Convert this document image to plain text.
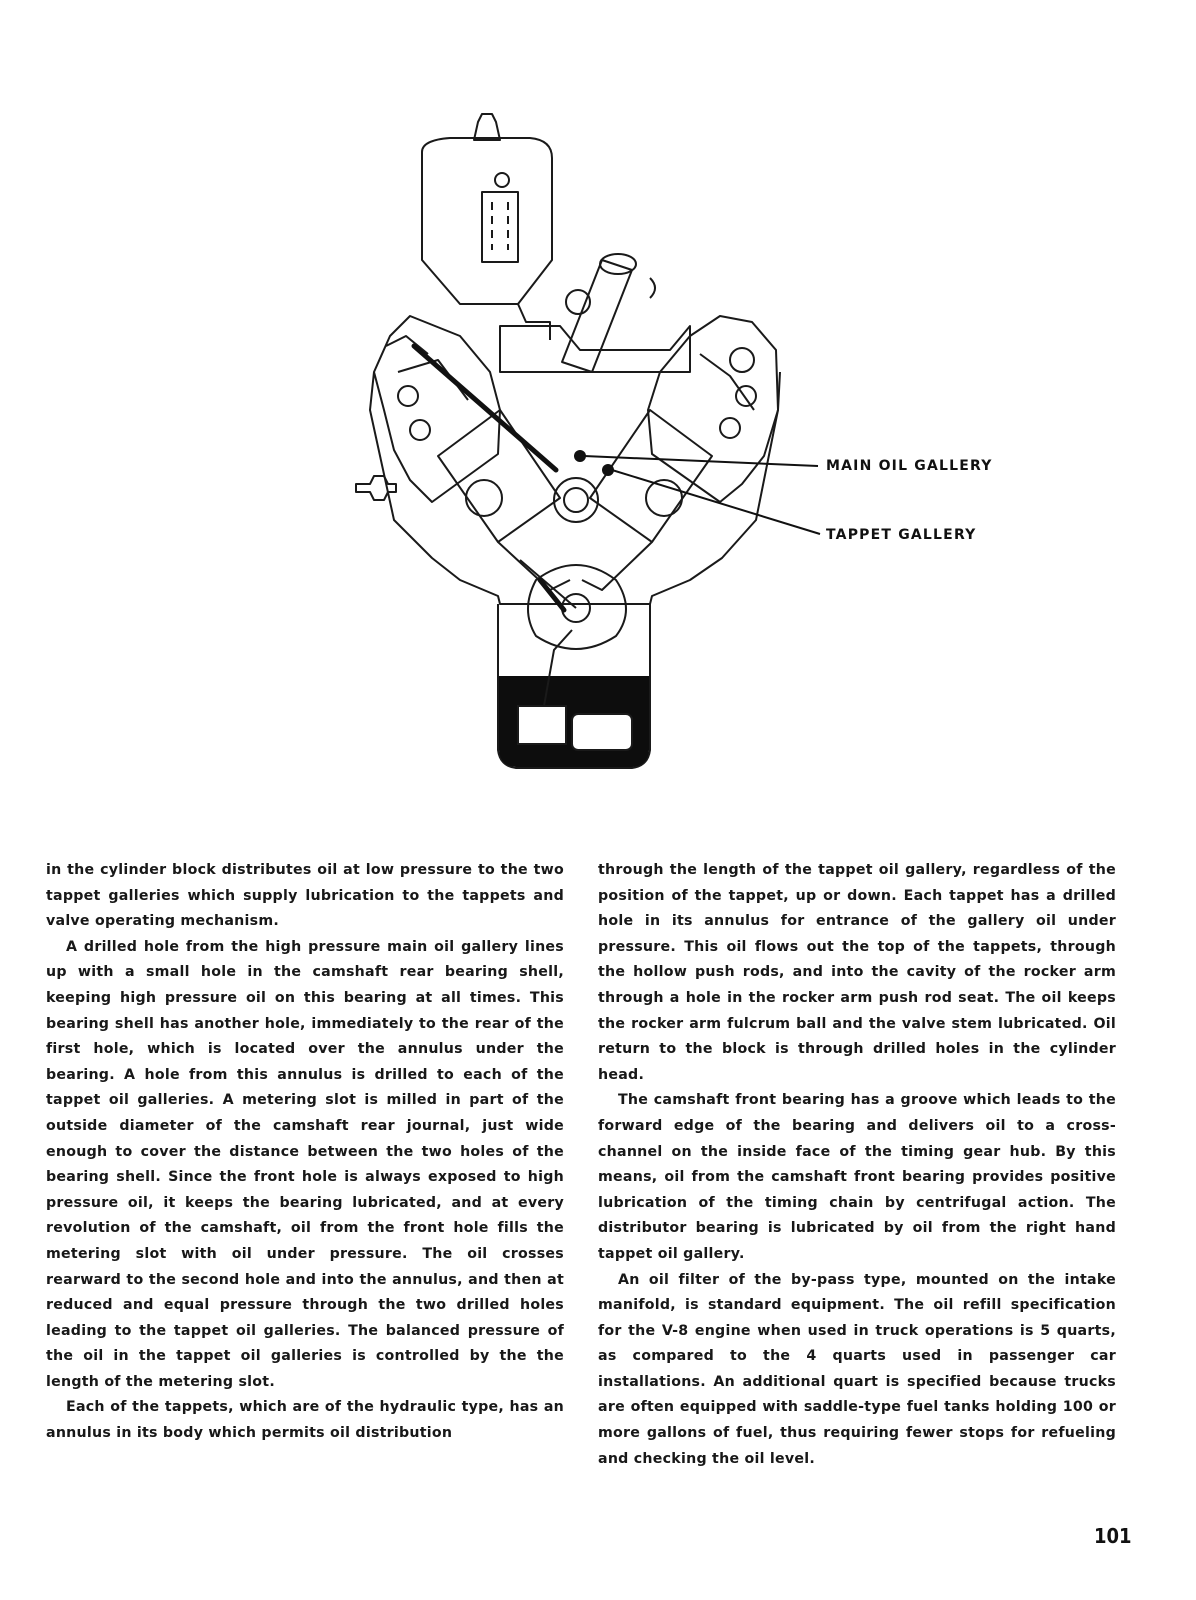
MAIN OIL GALLERY
TAPPET GALLERY

in the cylinder block distributes oil at low pressure to the two tappet galleries which supply lubrication to the tappets and valve operating mechanism.

A drilled hole from the high pressure main oil gallery lines up with a small hole in the camshaft rear bearing shell, keeping high pressure oil on this bearing at all times. This bearing shell has another hole, immediately to the rear of the first hole, which is located over the annulus under the bearing. A hole from this annulus is drilled to each of the tappet oil galleries. A metering slot is milled in part of the outside diameter of the camshaft rear journal, just wide enough to cover the distance between the two holes of the bearing shell. Since the front hole is always exposed to high pressure oil, it keeps the bearing lubricated, and at every revolution of the camshaft, oil from the front hole fills the metering slot with oil under pressure. The oil crosses rearward to the second hole and into the annulus, and then at reduced and equal pressure through the two drilled holes leading to the tappet oil galleries. The balanced pressure of the oil in the tappet oil galleries is controlled by the the length of the metering slot.

Each of the tappets, which are of the hydraulic type, has an annulus in its body which permits oil distribution

through the length of the tappet oil gallery, regardless of the position of the tappet, up or down. Each tappet has a drilled hole in its annulus for entrance of the gallery oil under pressure. This oil flows out the top of the tappets, through the hollow push rods, and into the cavity of the rocker arm through a hole in the rocker arm push rod seat. The oil keeps the rocker arm fulcrum ball and the valve stem lubricated. Oil return to the block is through drilled holes in the cylinder head.

The camshaft front bearing has a groove which leads to the forward edge of the bearing and delivers oil to a cross-channel on the inside face of the timing gear hub. By this means, oil from the camshaft front bearing provides positive lubrication of the timing chain by centrifugal action. The distributor bearing is lubricated by oil from the right hand tappet oil gallery.

An oil filter of the by-pass type, mounted on the intake manifold, is standard equipment. The oil refill specification for the V-8 engine when used in truck operations is 5 quarts, as compared to the 4 quarts used in passenger car installations. An additional quart is specified because trucks are often equipped with saddle-type fuel tanks holding 100 or more gallons of fuel, thus requiring fewer stops for refueling and checking the oil level.

101
